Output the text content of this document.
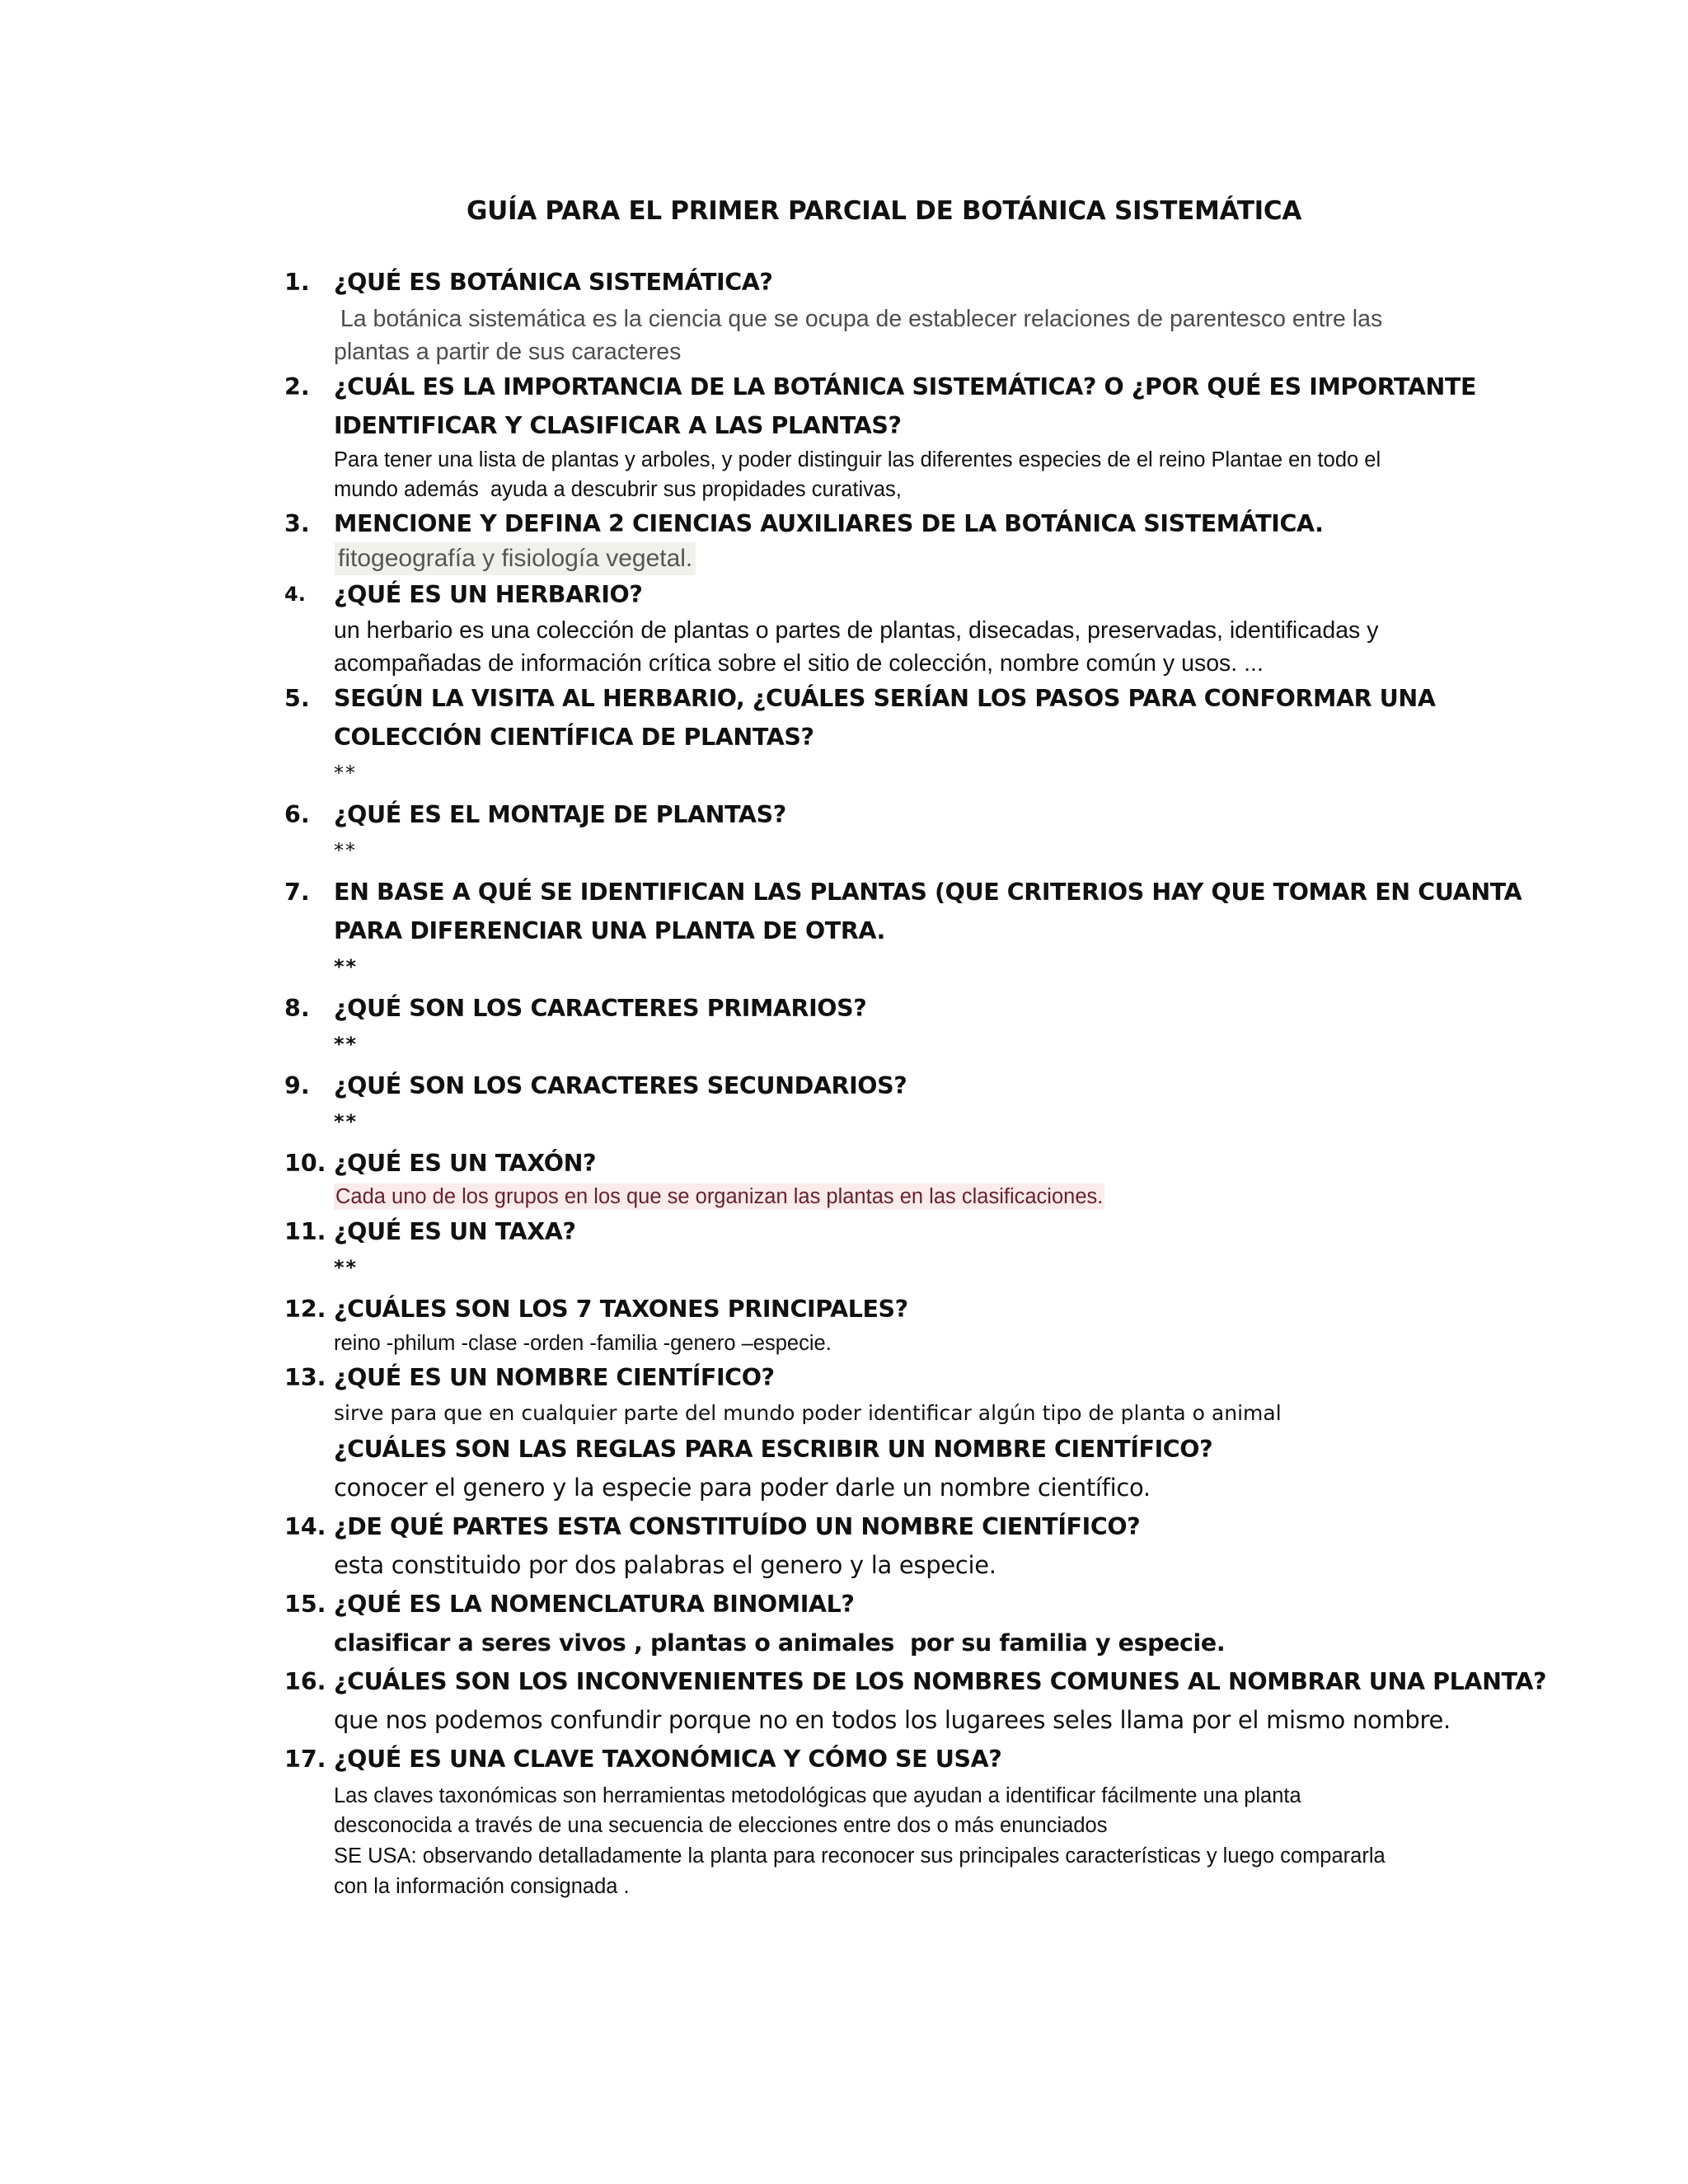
GUÍA PARA EL PRIMER PARCIAL DE BOTÁNICA SISTEMÁTICA
1. ¿QUÉ ES BOTÁNICA SISTEMÁTICA?
La botánica sistemática es la ciencia que se ocupa de establecer relaciones de parentesco entre las
plantas a partir de sus caracteres
2. ¿CUÁL ES LA IMPORTANCIA DE LA BOTÁNICA SISTEMÁTICA? O ¿POR QUÉ ES IMPORTANTE
IDENTIFICAR Y CLASIFICAR A LAS PLANTAS?
Para tener una lista de plantas y arboles, y poder distinguir las diferentes especies de el reino Plantae en todo el
mundo además  ayuda a descubrir sus propidades curativas,
3. MENCIONE Y DEFINA 2 CIENCIAS AUXILIARES DE LA BOTÁNICA SISTEMÁTICA.
fitogeografía y fisiología vegetal.
4. ¿QUÉ ES UN HERBARIO?
un herbario es una colección de plantas o partes de plantas, disecadas, preservadas, identificadas y
acompañadas de información crítica sobre el sitio de colección, nombre común y usos. ...
5. SEGÚN LA VISITA AL HERBARIO, ¿CUÁLES SERÍAN LOS PASOS PARA CONFORMAR UNA
COLECCIÓN CIENTÍFICA DE PLANTAS?
**
6. ¿QUÉ ES EL MONTAJE DE PLANTAS?
**
7. EN BASE A QUÉ SE IDENTIFICAN LAS PLANTAS (QUE CRITERIOS HAY QUE TOMAR EN CUANTA
PARA DIFERENCIAR UNA PLANTA DE OTRA.
**
8. ¿QUÉ SON LOS CARACTERES PRIMARIOS?
**
9. ¿QUÉ SON LOS CARACTERES SECUNDARIOS?
**
10. ¿QUÉ ES UN TAXÓN?
Cada uno de los grupos en los que se organizan las plantas en las clasificaciones.
11. ¿QUÉ ES UN TAXA?
**
12. ¿CUÁLES SON LOS 7 TAXONES PRINCIPALES?
reino -philum -clase -orden -familia -genero –especie.
13. ¿QUÉ ES UN NOMBRE CIENTÍFICO?
sirve para que en cualquier parte del mundo poder identificar algún tipo de planta o animal
¿CUÁLES SON LAS REGLAS PARA ESCRIBIR UN NOMBRE CIENTÍFICO?
conocer el genero y la especie para poder darle un nombre científico.
14. ¿DE QUÉ PARTES ESTA CONSTITUÍDO UN NOMBRE CIENTÍFICO?
esta constituido por dos palabras el genero y la especie.
15. ¿QUÉ ES LA NOMENCLATURA BINOMIAL?
clasificar a seres vivos , plantas o animales  por su familia y especie.
16. ¿CUÁLES SON LOS INCONVENIENTES DE LOS NOMBRES COMUNES AL NOMBRAR UNA PLANTA?
que nos podemos confundir porque no en todos los lugarees seles llama por el mismo nombre.
17. ¿QUÉ ES UNA CLAVE TAXONÓMICA Y CÓMO SE USA?
Las claves taxonómicas son herramientas metodológicas que ayudan a identificar fácilmente una planta
desconocida a través de una secuencia de elecciones entre dos o más enunciados
SE USA: observando detalladamente la planta para reconocer sus principales características y luego compararla
con la información consignada .
